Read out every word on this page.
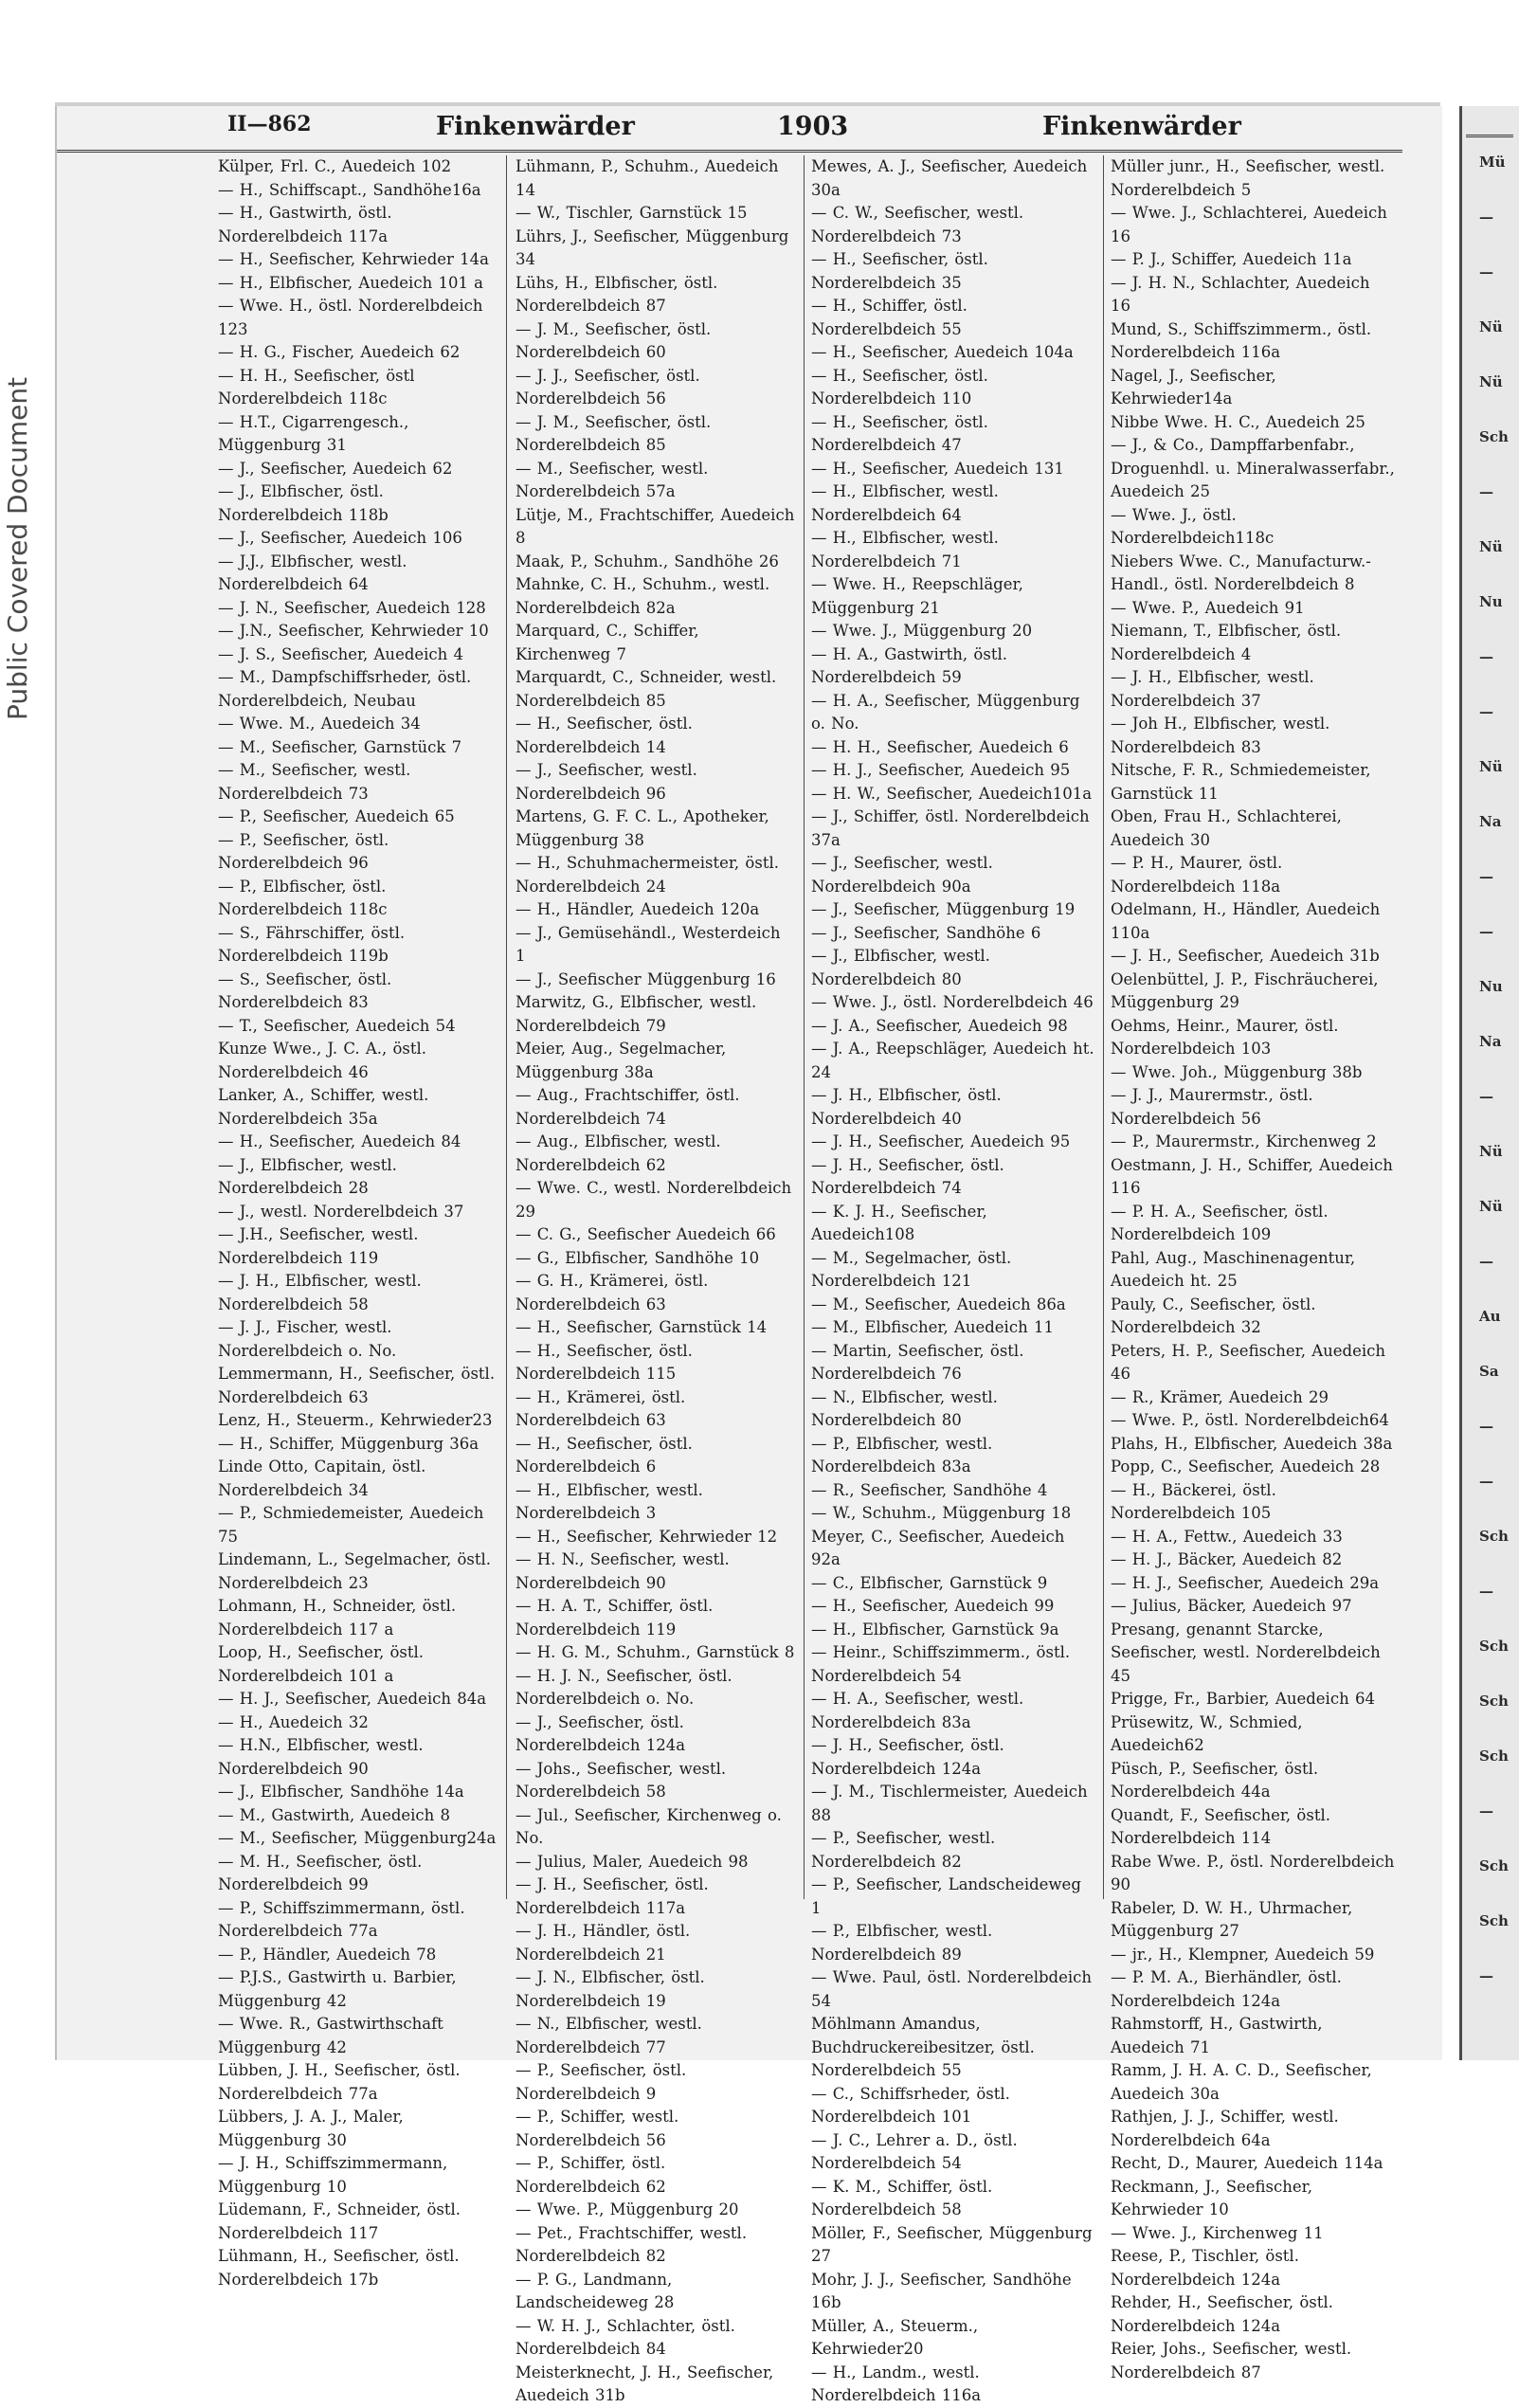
Public Covered Document
II—862	Finkenwärder	1903	Finkenwärder
Külper, Frl. C., Auedeich 102
— H., Schiffscapt., Sandhöhe16a
— H., Gastwirth, östl. Norderelbdeich 117a
— H., Seefischer, Kehrwieder 14a
— H., Elbfischer, Auedeich 101 a
— Wwe. H., östl. Norderelbdeich 123
— H. G., Fischer, Auedeich 62
— H. H., Seefischer, östl Norderelbdeich 118c
— H.T., Cigarrengesch., Müggenburg 31
— J., Seefischer, Auedeich 62
— J., Elbfischer, östl. Norderelbdeich 118b
— J., Seefischer, Auedeich 106
— J.J., Elbfischer, westl. Norderelbdeich 64
— J. N., Seefischer, Auedeich 128
— J.N., Seefischer, Kehrwieder 10
— J. S., Seefischer, Auedeich 4
— M., Dampfschiffsrheder, östl. Norderelbdeich, Neubau
— Wwe. M., Auedeich 34
— M., Seefischer, Garnstück 7
— M., Seefischer, westl. Norderelbdeich 73
— P., Seefischer, Auedeich 65
— P., Seefischer, östl. Norderelbdeich 96
— P., Elbfischer, östl. Norderelbdeich 118c
— S., Fährschiffer, östl. Norderelbdeich 119b
— S., Seefischer, östl. Norderelbdeich 83
— T., Seefischer, Auedeich 54
Kunze Wwe., J. C. A., östl. Norderelbdeich 46
Lanker, A., Schiffer, westl. Norderelbdeich 35a
— H., Seefischer, Auedeich 84
— J., Elbfischer, westl. Norderelbdeich 28
— J., westl. Norderelbdeich 37
— J.H., Seefischer, westl. Norderelbdeich 119
— J. H., Elbfischer, westl. Norderelbdeich 58
— J. J., Fischer, westl. Norderelbdeich o. No.
Lemmermann, H., Seefischer, östl. Norderelbdeich 63
Lenz, H., Steuerm., Kehrwieder23
— H., Schiffer, Müggenburg 36a
Linde Otto, Capitain, östl. Norderelbdeich 34
— P., Schmiedemeister, Auedeich 75
Lindemann, L., Segelmacher, östl. Norderelbdeich 23
Lohmann, H., Schneider, östl. Norderelbdeich 117 a
Loop, H., Seefischer, östl. Norderelbdeich 101 a
— H. J., Seefischer, Auedeich 84a
— H., Auedeich 32
— H.N., Elbfischer, westl. Norderelbdeich 90
— J., Elbfischer, Sandhöhe 14a
— M., Gastwirth, Auedeich 8
— M., Seefischer, Müggenburg24a
— M. H., Seefischer, östl. Norderelbdeich 99
— P., Schiffszimmermann, östl. Norderelbdeich 77a
— P., Händler, Auedeich 78
— P.J.S., Gastwirth u. Barbier, Müggenburg 42
— Wwe. R., Gastwirthschaft Müggenburg 42
Lübben, J. H., Seefischer, östl. Norderelbdeich 77a
Lübbers, J. A. J., Maler, Müggenburg 30
— J. H., Schiffszimmermann, Müggenburg 10
Lüdemann, F., Schneider, östl. Norderelbdeich 117
Lühmann, H., Seefischer, östl. Norderelbdeich 17b
Lühmann, P., Schuhm., Auedeich 14
— W., Tischler, Garnstück 15
Lührs, J., Seefischer, Müggenburg 34
Lühs, H., Elbfischer, östl. Norderelbdeich 87
— J. M., Seefischer, östl. Norderelbdeich 60
— J. J., Seefischer, östl. Norderelbdeich 56
— J. M., Seefischer, östl. Norderelbdeich 85
— M., Seefischer, westl. Norderelbdeich 57a
Lütje, M., Frachtschiffer, Auedeich 8
Maak, P., Schuhm., Sandhöhe 26
Mahnke, C. H., Schuhm., westl. Norderelbdeich 82a
Marquard, C., Schiffer, Kirchenweg 7
Marquardt, C., Schneider, westl. Norderelbdeich 85
— H., Seefischer, östl. Norderelbdeich 14
— J., Seefischer, westl. Norderelbdeich 96
Martens, G. F. C. L., Apotheker, Müggenburg 38
— H., Schuhmachermeister, östl. Norderelbdeich 24
— H., Händler, Auedeich 120a
— J., Gemüsehändl., Westerdeich 1
— J., Seefischer Müggenburg 16
Marwitz, G., Elbfischer, westl. Norderelbdeich 79
Meier, Aug., Segelmacher, Müggenburg 38a
— Aug., Frachtschiffer, östl. Norderelbdeich 74
— Aug., Elbfischer, westl. Norderelbdeich 62
— Wwe. C., westl. Norderelbdeich 29
— C. G., Seefischer Auedeich 66
— G., Elbfischer, Sandhöhe 10
— G. H., Krämerei, östl. Norderelbdeich 63
— H., Seefischer, Garnstück 14
— H., Seefischer, östl. Norderelbdeich 115
— H., Krämerei, östl. Norderelbdeich 63
— H., Seefischer, östl. Norderelbdeich 6
— H., Elbfischer, westl. Norderelbdeich 3
— H., Seefischer, Kehrwieder 12
— H. N., Seefischer, westl. Norderelbdeich 90
— H. A. T., Schiffer, östl. Norderelbdeich 119
— H. G. M., Schuhm., Garnstück 8
— H. J. N., Seefischer, östl. Norderelbdeich o. No.
— J., Seefischer, östl. Norderelbdeich 124a
— Johs., Seefischer, westl. Norderelbdeich 58
— Jul., Seefischer, Kirchenweg o. No.
— Julius, Maler, Auedeich 98
— J. H., Seefischer, östl. Norderelbdeich 117a
— J. H., Händler, östl. Norderelbdeich 21
— J. N., Elbfischer, östl. Norderelbdeich 19
— N., Elbfischer, westl. Norderelbdeich 77
— P., Seefischer, östl. Norderelbdeich 9
— P., Schiffer, westl. Norderelbdeich 56
— P., Schiffer, östl. Norderelbdeich 62
— Wwe. P., Müggenburg 20
— Pet., Frachtschiffer, westl. Norderelbdeich 82
— P. G., Landmann, Landscheideweg 28
— W. H. J., Schlachter, östl. Norderelbdeich 84
Meisterknecht, J. H., Seefischer, Auedeich 31b
Mewes, A. J., Seefischer, Auedeich 30a
— C. W., Seefischer, westl. Norderelbdeich 73
— H., Seefischer, östl. Norderelbdeich 35
— H., Schiffer, östl. Norderelbdeich 55
— H., Seefischer, Auedeich 104a
— H., Seefischer, östl. Norderelbdeich 110
— H., Seefischer, östl. Norderelbdeich 47
— H., Seefischer, Auedeich 131
— H., Elbfischer, westl. Norderelbdeich 64
— H., Elbfischer, westl. Norderelbdeich 71
— Wwe. H., Reepschläger, Müggenburg 21
— Wwe. J., Müggenburg 20
— H. A., Gastwirth, östl. Norderelbdeich 59
— H. A., Seefischer, Müggenburg o. No.
— H. H., Seefischer, Auedeich 6
— H. J., Seefischer, Auedeich 95
— H. W., Seefischer, Auedeich101a
— J., Schiffer, östl. Norderelbdeich 37a
— J., Seefischer, westl. Norderelbdeich 90a
— J., Seefischer, Müggenburg 19
— J., Seefischer, Sandhöhe 6
— J., Elbfischer, westl. Norderelbdeich 80
— Wwe. J., östl. Norderelbdeich 46
— J. A., Seefischer, Auedeich 98
— J. A., Reepschläger, Auedeich ht. 24
— J. H., Elbfischer, östl. Norderelbdeich 40
— J. H., Seefischer, Auedeich 95
— J. H., Seefischer, östl. Norderelbdeich 74
— K. J. H., Seefischer, Auedeich108
— M., Segelmacher, östl. Norderelbdeich 121
— M., Seefischer, Auedeich 86a
— M., Elbfischer, Auedeich 11
— Martin, Seefischer, östl. Norderelbdeich 76
— N., Elbfischer, westl. Norderelbdeich 80
— P., Elbfischer, westl. Norderelbdeich 83a
— R., Seefischer, Sandhöhe 4
— W., Schuhm., Müggenburg 18
Meyer, C., Seefischer, Auedeich 92a
— C., Elbfischer, Garnstück 9
— H., Seefischer, Auedeich 99
— H., Elbfischer, Garnstück 9a
— Heinr., Schiffszimmerm., östl. Norderelbdeich 54
— H. A., Seefischer, westl. Norderelbdeich 83a
— J. H., Seefischer, östl. Norderelbdeich 124a
— J. M., Tischlermeister, Auedeich 88
— P., Seefischer, westl. Norderelbdeich 82
— P., Seefischer, Landscheideweg 1
— P., Elbfischer, westl. Norderelbdeich 89
— Wwe. Paul, östl. Norderelbdeich 54
Möhlmann Amandus, Buchdruckereibesitzer, östl. Norderelbdeich 55
— C., Schiffsrheder, östl. Norderelbdeich 101
— J. C., Lehrer a. D., östl. Norderelbdeich 54
— K. M., Schiffer, östl. Norderelbdeich 58
Möller, F., Seefischer, Müggenburg 27
Mohr, J. J., Seefischer, Sandhöhe 16b
Müller, A., Steuerm., Kehrwieder20
— H., Landm., westl. Norderelbdeich 116a
Müller junr., H., Seefischer, westl. Norderelbdeich 5
— Wwe. J., Schlachterei, Auedeich 16
— P. J., Schiffer, Auedeich 11a
— J. H. N., Schlachter, Auedeich 16
Mund, S., Schiffszimmerm., östl. Norderelbdeich 116a
Nagel, J., Seefischer, Kehrwieder14a
Nibbe Wwe. H. C., Auedeich 25
— J., & Co., Dampffarbenfabr., Droguenhdl. u. Mineralwasserfabr., Auedeich 25
— Wwe. J., östl. Norderelbdeich118c
Niebers Wwe. C., Manufacturw.-Handl., östl. Norderelbdeich 8
— Wwe. P., Auedeich 91
Niemann, T., Elbfischer, östl. Norderelbdeich 4
— J. H., Elbfischer, westl. Norderelbdeich 37
— Joh H., Elbfischer, westl. Norderelbdeich 83
Nitsche, F. R., Schmiedemeister, Garnstück 11
Oben, Frau H., Schlachterei, Auedeich 30
— P. H., Maurer, östl. Norderelbdeich 118a
Odelmann, H., Händler, Auedeich 110a
— J. H., Seefischer, Auedeich 31b
Oelenbüttel, J. P., Fischräucherei, Müggenburg 29
Oehms, Heinr., Maurer, östl. Norderelbdeich 103
— Wwe. Joh., Müggenburg 38b
— J. J., Maurermstr., östl. Norderelbdeich 56
— P., Maurermstr., Kirchenweg 2
Oestmann, J. H., Schiffer, Auedeich 116
— P. H. A., Seefischer, östl. Norderelbdeich 109
Pahl, Aug., Maschinenagentur, Auedeich ht. 25
Pauly, C., Seefischer, östl. Norderelbdeich 32
Peters, H. P., Seefischer, Auedeich 46
— R., Krämer, Auedeich 29
— Wwe. P., östl. Norderelbdeich64
Plahs, H., Elbfischer, Auedeich 38a
Popp, C., Seefischer, Auedeich 28
— H., Bäckerei, östl. Norderelbdeich 105
— H. A., Fettw., Auedeich 33
— H. J., Bäcker, Auedeich 82
— H. J., Seefischer, Auedeich 29a
— Julius, Bäcker, Auedeich 97
Presang, genannt Starcke, Seefischer, westl. Norderelbdeich 45
Prigge, Fr., Barbier, Auedeich 64
Prüsewitz, W., Schmied, Auedeich62
Püsch, P., Seefischer, östl. Norderelbdeich 44a
Quandt, F., Seefischer, östl. Norderelbdeich 114
Rabe Wwe. P., östl. Norderelbdeich 90
Rabeler, D. W. H., Uhrmacher, Müggenburg 27
— jr., H., Klempner, Auedeich 59
— P. M. A., Bierhändler, östl. Norderelbdeich 124a
Rahmstorff, H., Gastwirth, Auedeich 71
Ramm, J. H. A. C. D., Seefischer, Auedeich 30a
Rathjen, J. J., Schiffer, westl. Norderelbdeich 64a
Recht, D., Maurer, Auedeich 114a
Reckmann, J., Seefischer, Kehrwieder 10
— Wwe. J., Kirchenweg 11
Reese, P., Tischler, östl. Norderelbdeich 124a
Rehder, H., Seefischer, östl. Norderelbdeich 124a
Reier, Johs., Seefischer, westl. Norderelbdeich 87
Mü
—
—
Nü
Nü
Sch
—
Nü
Nu
—
—
Nü
Na
—
—
Nu
Na
—
Nü
Nü
—
Au
Sa
—
—
Sch
—
Sch
Sch
Sch
—
Sch
Sch
—
